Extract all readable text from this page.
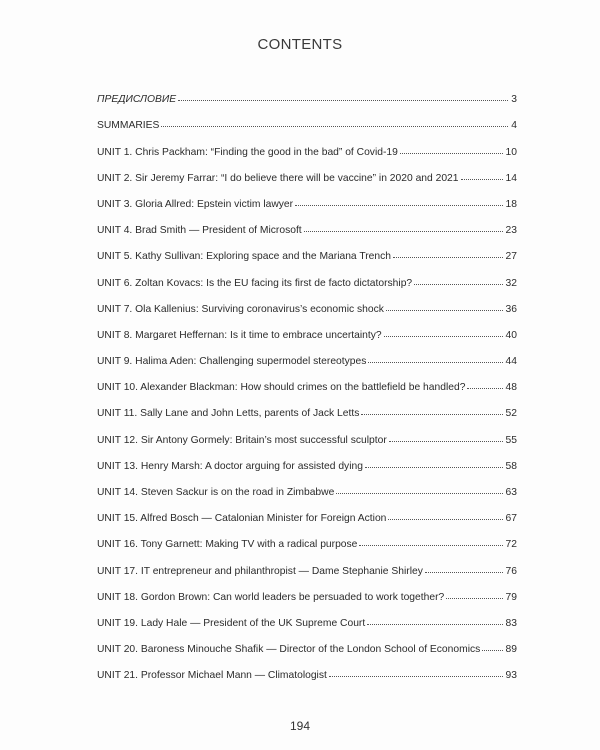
CONTENTS
ПРЕДИСЛОВИЕ	3
SUMMARIES	4
UNIT 1. Chris Packham: “Finding the good in the bad” of Covid-19	10
UNIT 2. Sir Jeremy Farrar: “I do believe there will be vaccine” in 2020 and 2021	14
UNIT 3. Gloria Allred: Epstein victim lawyer	18
UNIT 4. Brad Smith — President of Microsoft	23
UNIT 5. Kathy Sullivan: Exploring space and the Mariana Trench	27
UNIT 6. Zoltan Kovacs: Is the EU facing its first de facto dictatorship?	32
UNIT 7. Ola Kallenius: Surviving coronavirus’s economic shock	36
UNIT 8. Margaret Heffernan: Is it time to embrace uncertainty?	40
UNIT 9. Halima Aden: Challenging supermodel stereotypes	44
UNIT 10. Alexander Blackman: How should crimes on the battlefield be handled?	48
UNIT 11. Sally Lane and John Letts, parents of Jack Letts	52
UNIT 12. Sir Antony Gormely: Britain’s most successful sculptor	55
UNIT 13. Henry Marsh: A doctor arguing for assisted dying	58
UNIT 14. Steven Sackur is on the road in Zimbabwe	63
UNIT 15. Alfred Bosch — Catalonian Minister for Foreign Action	67
UNIT 16. Tony Garnett: Making TV with a radical purpose	72
UNIT 17. IT entrepreneur and philanthropist — Dame Stephanie Shirley	76
UNIT 18. Gordon Brown: Can world leaders be persuaded to work together?	79
UNIT 19. Lady Hale — President of the UK Supreme Court	83
UNIT 20. Baroness Minouche Shafik — Director of the London School of Economics 89
UNIT 21. Professor Michael Mann — Climatologist	93
194
